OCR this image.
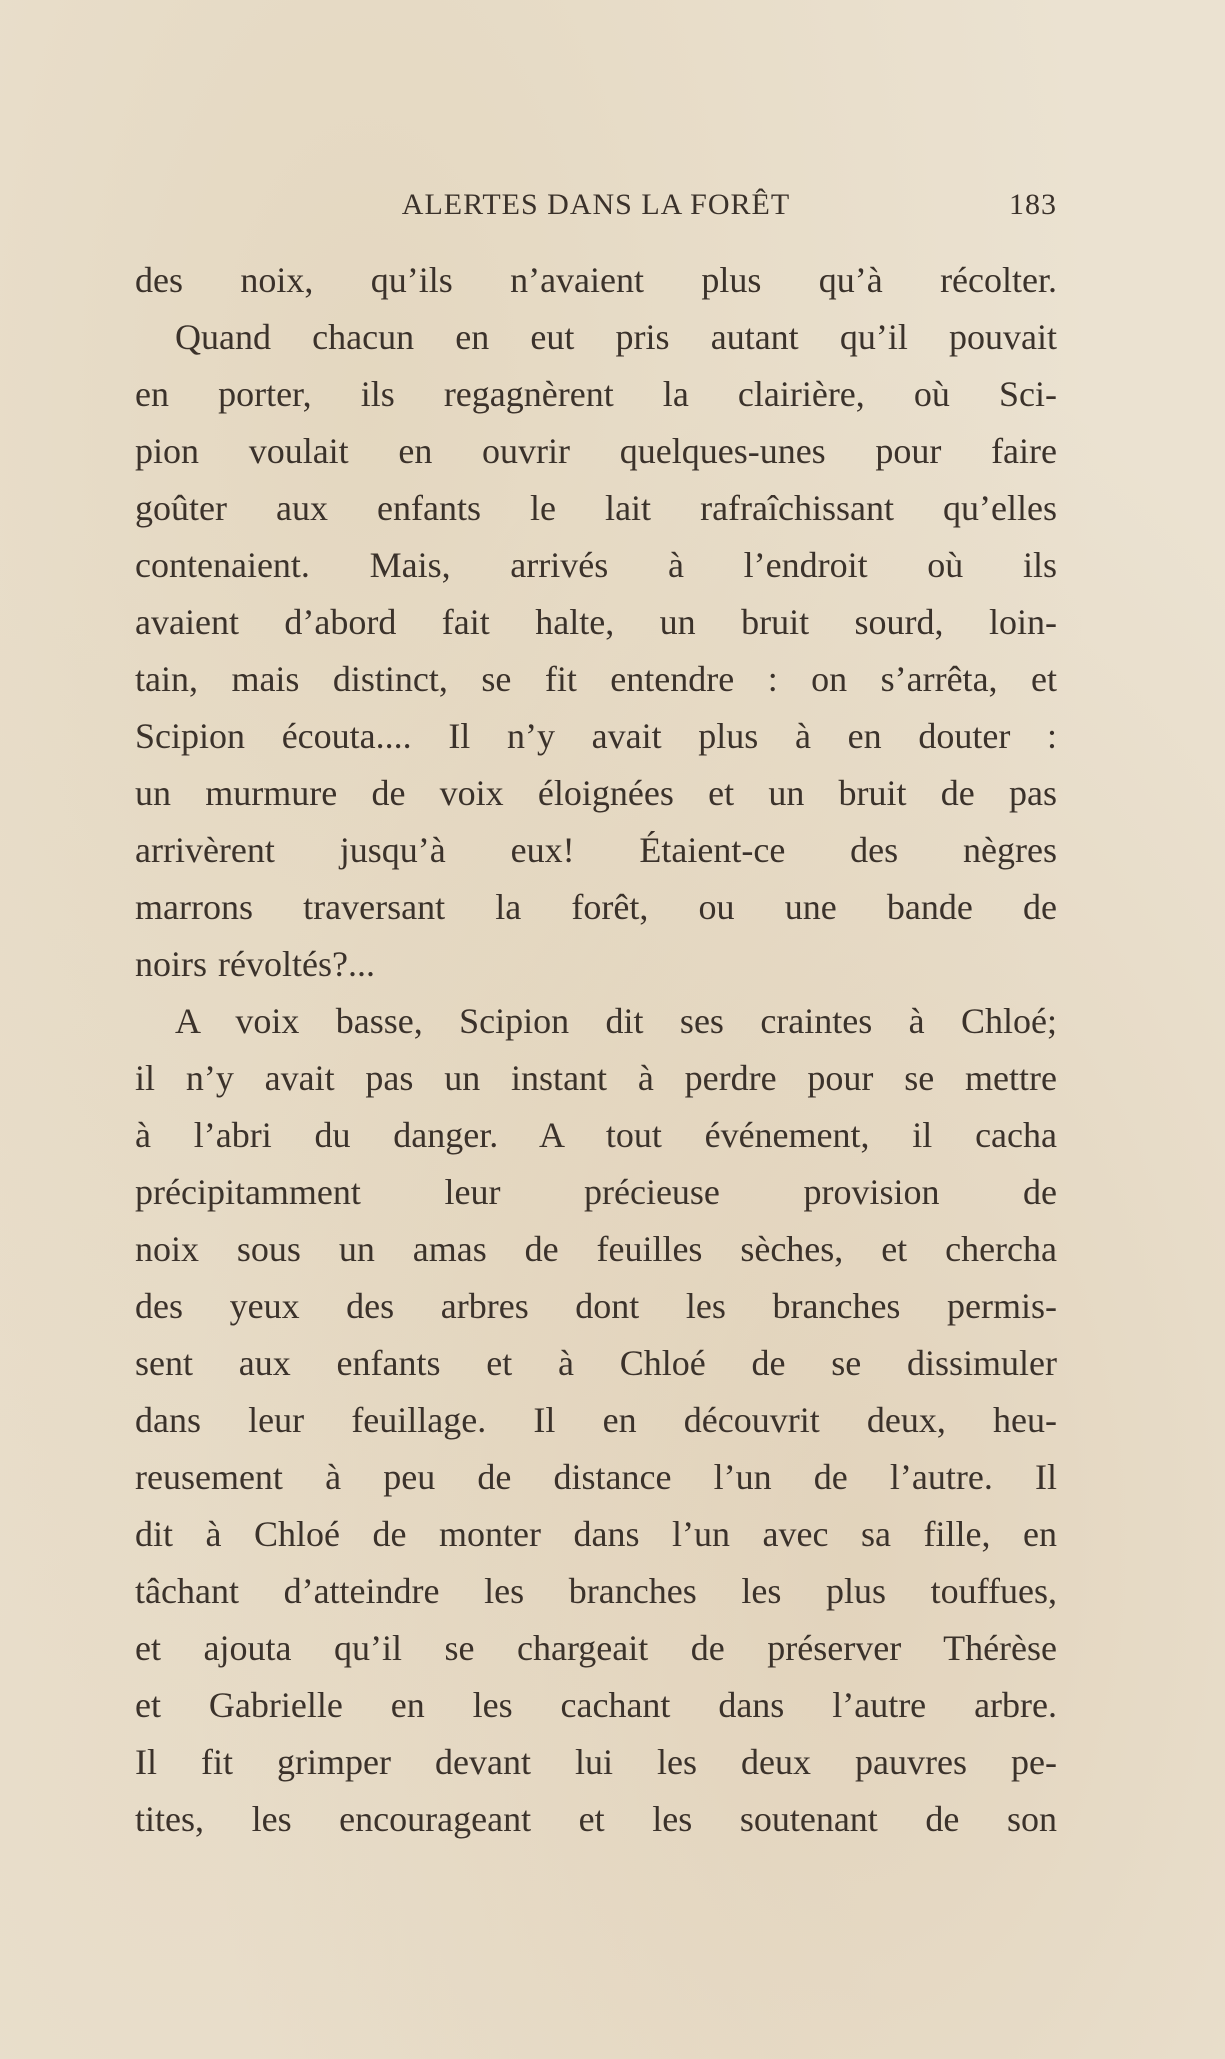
ALERTES DANS LA FORÊT	183
des noix, qu’ils n’avaient plus qu’à récolter.
Quand chacun en eut pris autant qu’il pouvait
en porter, ils regagnèrent la clairière, où Sci-
pion voulait en ouvrir quelques-unes pour faire
goûter aux enfants le lait rafraîchissant qu’elles
contenaient. Mais, arrivés à l’endroit où ils
avaient d’abord fait halte, un bruit sourd, loin-
tain, mais distinct, se fit entendre : on s’arrêta, et
Scipion écouta.... Il n’y avait plus à en douter :
un murmure de voix éloignées et un bruit de pas
arrivèrent jusqu’à eux! Étaient-ce des nègres
marrons traversant la forêt, ou une bande de
noirs révoltés?...
A voix basse, Scipion dit ses craintes à Chloé;
il n’y avait pas un instant à perdre pour se mettre
à l’abri du danger. A tout événement, il cacha
précipitamment leur précieuse provision de
noix sous un amas de feuilles sèches, et chercha
des yeux des arbres dont les branches permis-
sent aux enfants et à Chloé de se dissimuler
dans leur feuillage. Il en découvrit deux, heu-
reusement à peu de distance l’un de l’autre. Il
dit à Chloé de monter dans l’un avec sa fille, en
tâchant d’atteindre les branches les plus touffues,
et ajouta qu’il se chargeait de préserver Thérèse
et Gabrielle en les cachant dans l’autre arbre.
Il fit grimper devant lui les deux pauvres pe-
tites, les encourageant et les soutenant de son
